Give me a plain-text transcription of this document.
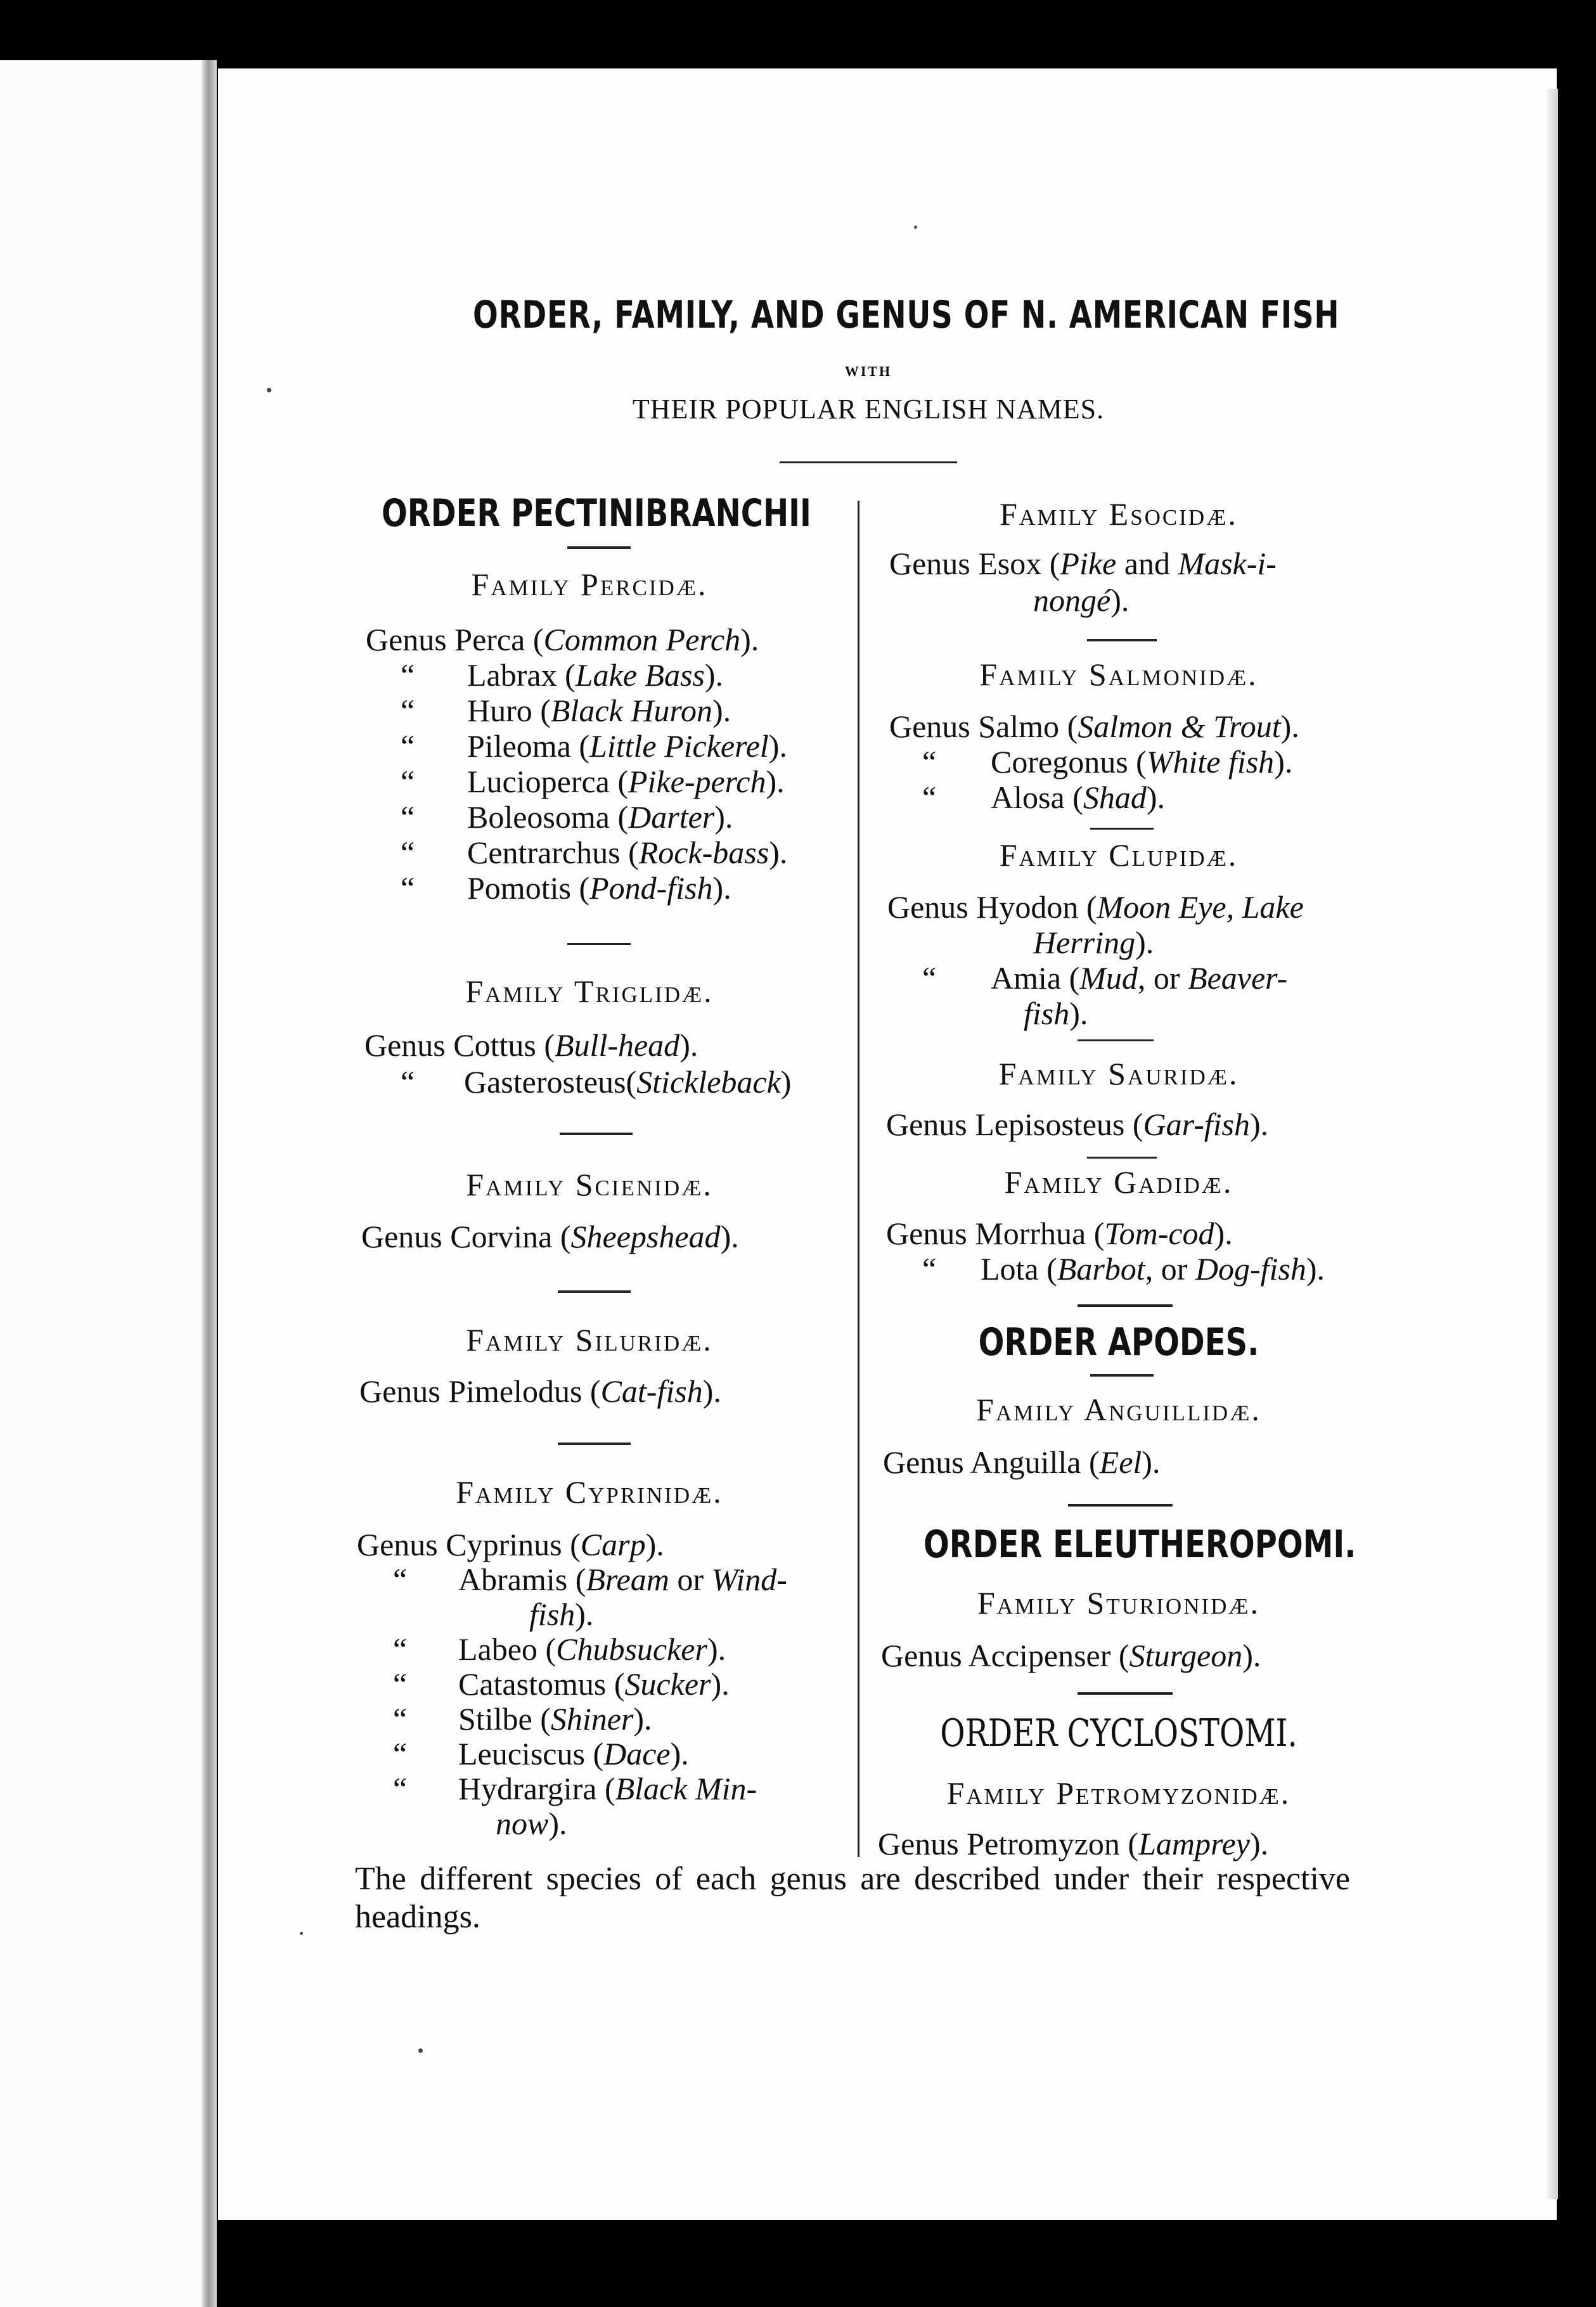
ORDER, FAMILY, AND GENUS OF N. AMERICAN FISH
WITH
THEIR POPULAR ENGLISH NAMES.
ORDER PECTINIBRANCHII
Family Percidæ.
Genus Perca (Common Perch).
“ Labrax (Lake Bass).
“ Huro (Black Huron).
“ Pileoma (Little Pickerel).
“ Lucioperca (Pike-perch).
“ Boleosoma (Darter).
“ Centrarchus (Rock-bass).
“ Pomotis (Pond-fish).
Family Triglidæ.
Genus Cottus (Bull-head).
“ Gasterosteus(Stickleback)
Family Scienidæ.
Genus Corvina (Sheepshead).
Family Siluridæ.
Genus Pimelodus (Cat-fish).
Family Cyprinidæ.
Genus Cyprinus (Carp).
“ Abramis (Bream or Wind-
fish).
“ Labeo (Chubsucker).
“ Catastomus (Sucker).
“ Stilbe (Shiner).
“ Leuciscus (Dace).
“ Hydrargira (Black Min-
now).
Family Esocidæ.
Genus Esox (Pike and Mask-i-
nongé).
Family Salmonidæ.
Genus Salmo (Salmon & Trout).
“ Coregonus (White fish).
“ Alosa (Shad).
Family Clupidæ.
Genus Hyodon (Moon Eye, Lake
Herring).
“ Amia (Mud, or Beaver-
fish).
Family Sauridæ.
Genus Lepisosteus (Gar-fish).
Family Gadidæ.
Genus Morrhua (Tom-cod).
“ Lota (Barbot, or Dog-fish).
ORDER APODES.
Family Anguillidæ.
Genus Anguilla (Eel).
ORDER ELEUTHEROPOMI.
Family Sturionidæ.
Genus Accipenser (Sturgeon).
ORDER CYCLOSTOMI.
Family Petromyzonidæ.
Genus Petromyzon (Lamprey).
The different species of each genus are described under their respective headings.
